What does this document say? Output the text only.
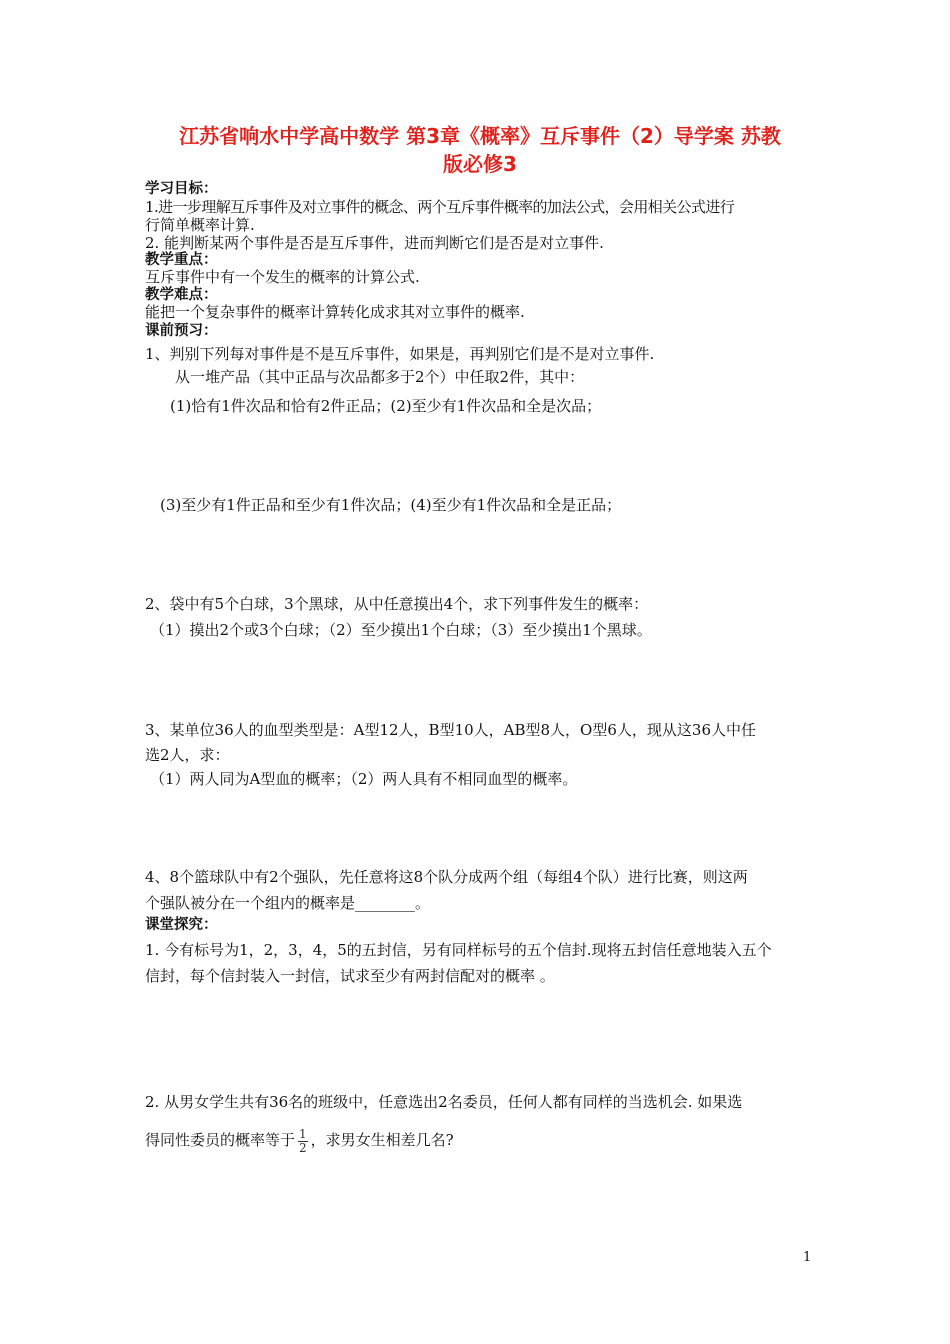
江苏省响水中学高中数学 第3章《概率》互斥事件（2）导学案 苏教
版必修3
学习目标：
1.进一步理解互斥事件及对立事件的概念、两个互斥事件概率的加法公式，会用相关公式进行
行简单概率计算.
2. 能判断某两个事件是否是互斥事件，进而判断它们是否是对立事件.
教学重点：
互斥事件中有一个发生的概率的计算公式.
教学难点：
能把一个复杂事件的概率计算转化成求其对立事件的概率.
课前预习：
1、判别下列每对事件是不是互斥事件，如果是，再判别它们是不是对立事件.
从一堆产品（其中正品与次品都多于2个）中任取2件，其中：
(1)恰有1件次品和恰有2件正品；(2)至少有1件次品和全是次品；
(3)至少有1件正品和至少有1件次品；(4)至少有1件次品和全是正品；
2、袋中有5个白球，3个黑球，从中任意摸出4个，求下列事件发生的概率：
（1）摸出2个或3个白球；（2）至少摸出1个白球；（3）至少摸出1个黑球。
3、某单位36人的血型类型是：A型12人，B型10人，AB型8人，O型6人，现从这36人中任
选2人，求：
（1）两人同为A型血的概率；（2）两人具有不相同血型的概率。
4、8个篮球队中有2个强队，先任意将这8个队分成两个组（每组4个队）进行比赛，则这两
个强队被分在一个组内的概率是________。
课堂探究：
1. 今有标号为1，2，3，4，5的五封信，另有同样标号的五个信封.现将五封信任意地装入五个
信封，每个信封装入一封信，试求至少有两封信配对的概率 。
2. 从男女学生共有36名的班级中，任意选出2名委员，任何人都有同样的当选机会. 如果选
得同性委员的概率等于 $\frac{1}{2}$ ，求男女生相差几名?
1
